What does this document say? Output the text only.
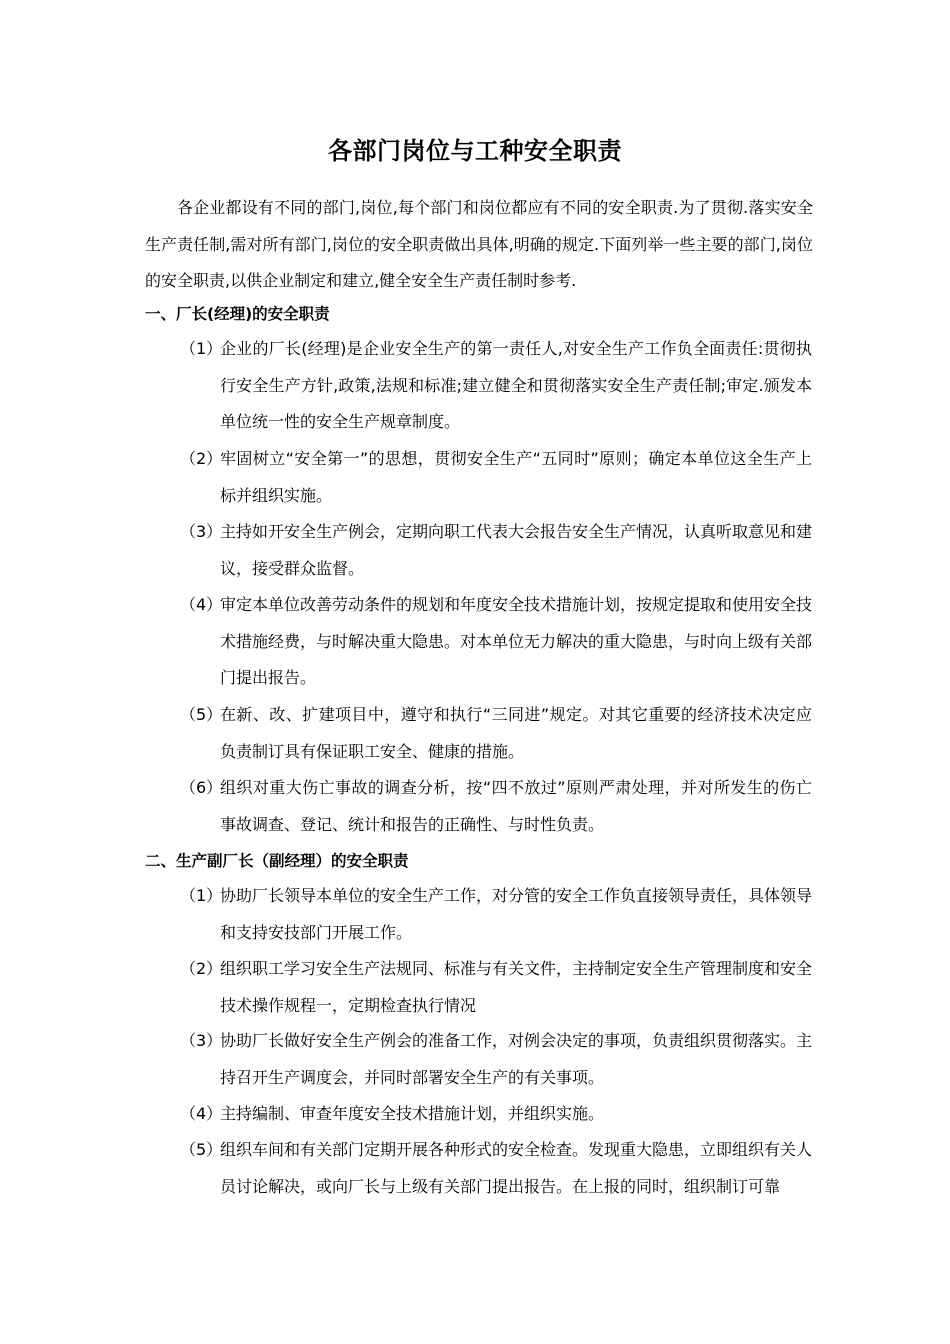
各部门岗位与工种安全职责
各企业都设有不同的部门,岗位,每个部门和岗位都应有不同的安全职责.为了贯彻.落实安全生产责任制,需对所有部门,岗位的安全职责做出具体,明确的规定.下面列举一些主要的部门,岗位的安全职责,以供企业制定和建立,健全安全生产责任制时参考.
一、厂长(经理)的安全职责
（1）
企业的厂长(经理)是企业安全生产的第一责任人,对安全生产工作负全面责任:贯彻执行安全生产方针,政策,法规和标准;建立健全和贯彻落实安全生产责任制;审定.颁发本单位统一性的安全生产规章制度。
（2）
牢固树立“安全第一”的思想，贯彻安全生产“五同时”原则；确定本单位这全生产上标并组织实施。
（3）
主持如开安全生产例会，定期向职工代表大会报告安全生产情况，认真听取意见和建议，接受群众监督。
（4）
审定本单位改善劳动条件的规划和年度安全技术措施计划，按规定提取和使用安全技术措施经费，与时解决重大隐患。对本单位无力解决的重大隐患，与时向上级有关部门提出报告。
（5）
在新、改、扩建项目中，遵守和执行“三同进”规定。对其它重要的经济技术决定应负责制订具有保证职工安全、健康的措施。
（6）
组织对重大伤亡事故的调查分析，按“四不放过”原则严肃处理，并对所发生的伤亡事故调查、登记、统计和报告的正确性、与时性负责。
二、生产副厂长（副经理）的安全职责
（1）
协助厂长领导本单位的安全生产工作，对分管的安全工作负直接领导责任，具体领导和支持安技部门开展工作。
（2）
组织职工学习安全生产法规同、标准与有关文件，主持制定安全生产管理制度和安全技术操作规程一，定期检查执行情况
（3）
协助厂长做好安全生产例会的准备工作，对例会决定的事项，负责组织贯彻落实。主持召开生产调度会，并同时部署安全生产的有关事项。
（4）
主持编制、审查年度安全技术措施计划，并组织实施。
（5）
组织车间和有关部门定期开展各种形式的安全检查。发现重大隐患，立即组织有关人员讨论解决，或向厂长与上级有关部门提出报告。在上报的同时，组织制订可靠
